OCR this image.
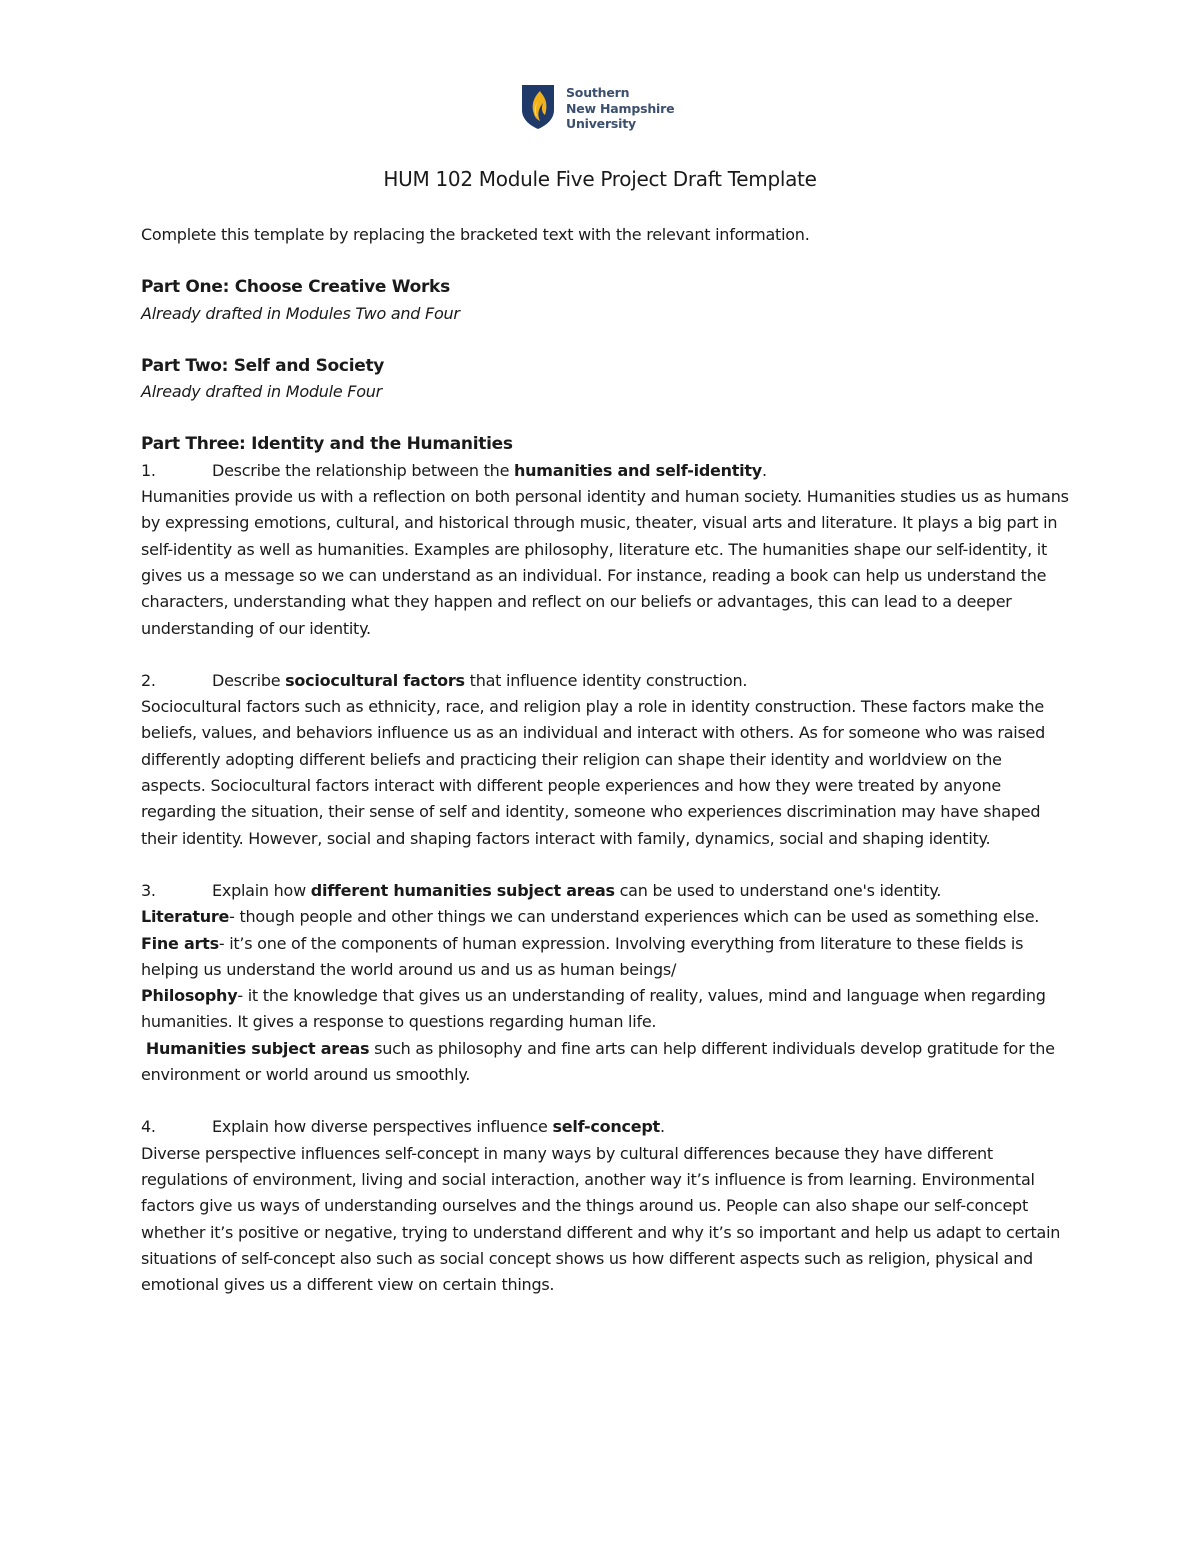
Southern
New Hampshire
University
HUM 102 Module Five Project Draft Template

Complete this template by replacing the bracketed text with the relevant information.

Part One: Choose Creative Works

Already drafted in Modules Two and Four

Part Two: Self and Society

Already drafted in Module Four

Part Three: Identity and the Humanities

1.	Describe the relationship between the humanities and self-identity.

Humanities provide us with a reflection on both personal identity and human society. Humanities studies us as humans by expressing emotions, cultural, and historical through music, theater, visual arts and literature. It plays a big part in self-identity as well as humanities. Examples are philosophy, literature etc. The humanities shape our self-identity, it gives us a message so we can understand as an individual. For instance, reading a book can help us understand the characters, understanding what they happen and reflect on our beliefs or advantages, this can lead to a deeper understanding of our identity.

2.	Describe sociocultural factors that influence identity construction.

Sociocultural factors such as ethnicity, race, and religion play a role in identity construction. These factors make the beliefs, values, and behaviors influence us as an individual and interact with others. As for someone who was raised differently adopting different beliefs and practicing their religion can shape their identity and worldview on the aspects. Sociocultural factors interact with different people experiences and how they were treated by anyone regarding the situation, their sense of self and identity, someone who experiences discrimination may have shaped their identity. However, social and shaping factors interact with family, dynamics, social and shaping identity.

3.	Explain how different humanities subject areas can be used to understand one's identity.

Literature- though people and other things we can understand experiences which can be used as something else.

Fine arts- it’s one of the components of human expression. Involving everything from literature to these fields is helping us understand the world around us and us as human beings/

Philosophy- it the knowledge that gives us an understanding of reality, values, mind and language when regarding humanities. It gives a response to questions regarding human life.

Humanities subject areas such as philosophy and fine arts can help different individuals develop gratitude for the environment or world around us smoothly.

4.	Explain how diverse perspectives influence self-concept.

Diverse perspective influences self-concept in many ways by cultural differences because they have different regulations of environment, living and social interaction, another way it’s influence is from learning. Environmental factors give us ways of understanding ourselves and the things around us. People can also shape our self-concept whether it’s positive or negative, trying to understand different and why it’s so important and help us adapt to certain situations of self-concept also such as social concept shows us how different aspects such as religion, physical and emotional gives us a different view on certain things.
